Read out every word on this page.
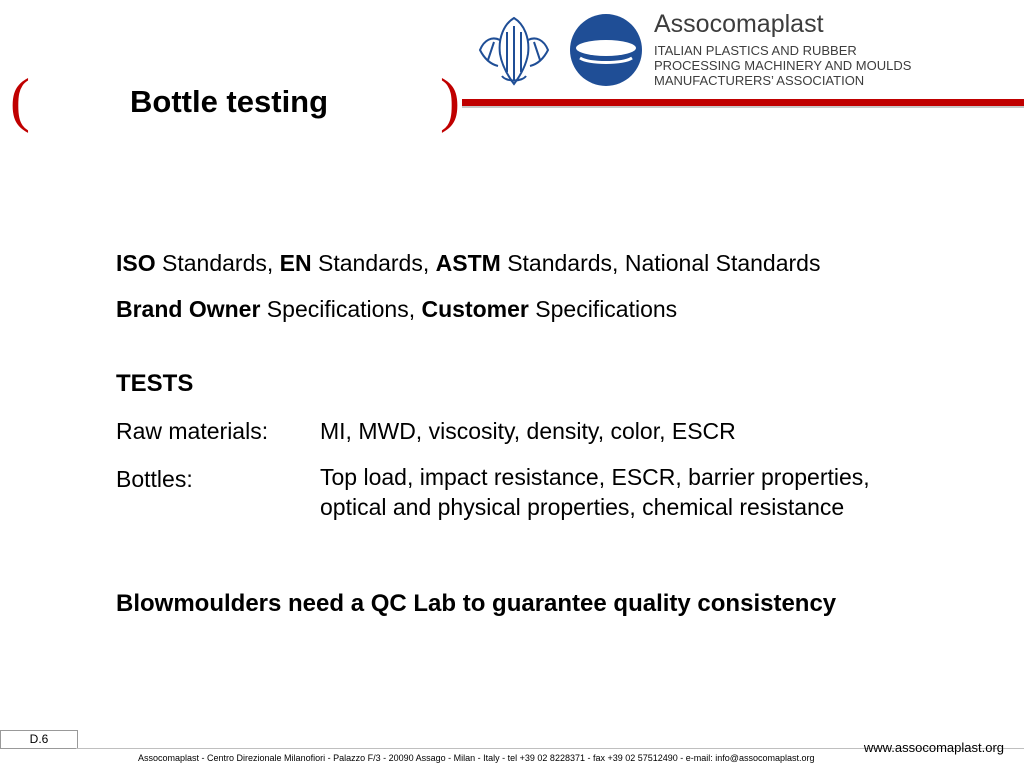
(	Bottle testing )
Assocomaplast
ITALIAN PLASTICS AND RUBBER
PROCESSING MACHINERY AND MOULDS
MANUFACTURERS’ ASSOCIATION
ISO Standards, EN Standards, ASTM Standards, National Standards
Brand Owner Specifications, Customer Specifications
TESTS
Raw materials: MI, MWD, viscosity, density, color, ESCR
Bottles:	Top load, impact resistance, ESCR, barrier properties,
optical and physical properties, chemical resistance
Blowmoulders need a QC Lab to guarantee quality consistency
D.6
www.assocomaplast.org
Assocomaplast - Centro Direzionale Milanofiori - Palazzo F/3 - 20090 Assago - Milan - Italy - tel +39 02 8228371 - fax +39 02 57512490 - e-mail: info@assocomaplast.org
